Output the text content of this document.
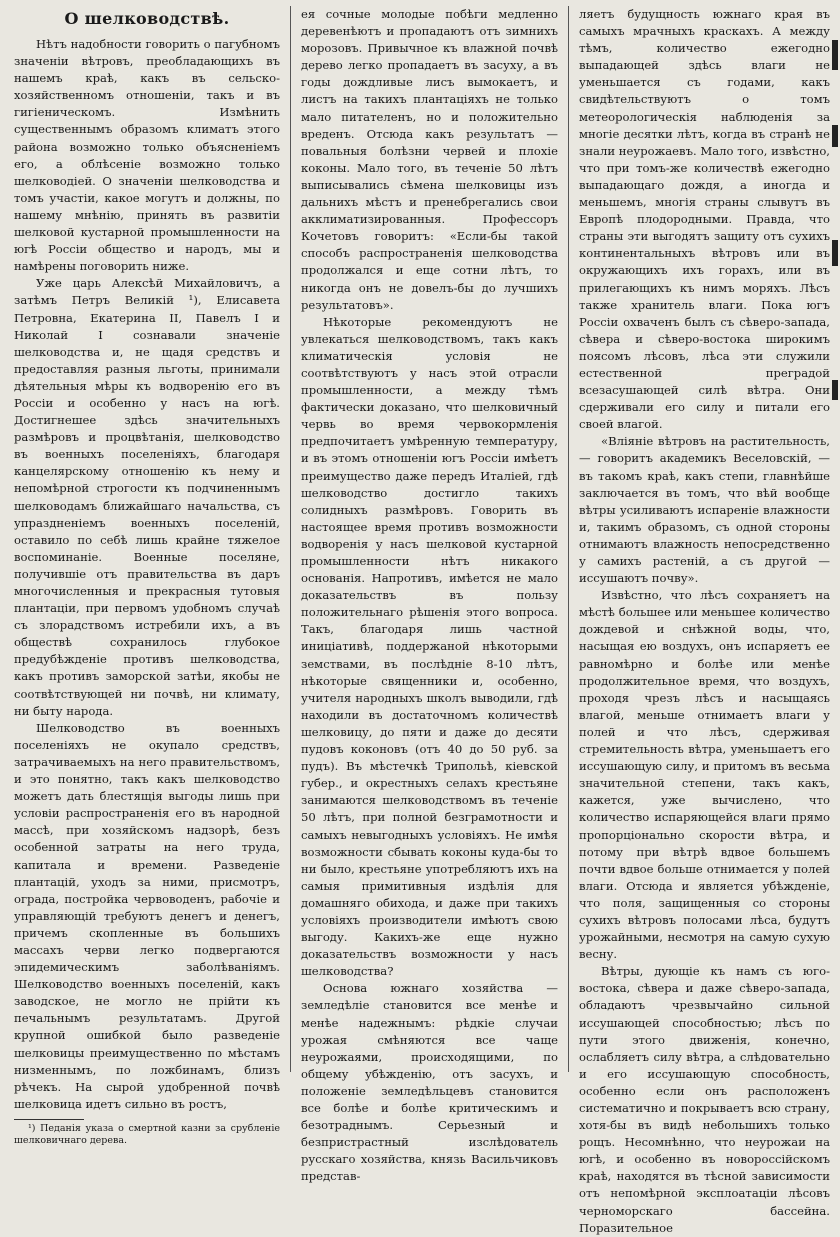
О шелководствѣ.

Нѣтъ надобности говорить о пагубномъ значеніи вѣтровъ, преобладающихъ въ нашемъ краѣ, какъ въ сельско-хозяйственномъ отношеніи, такъ и въ гигіеническомъ. Измѣнить существеннымъ образомъ климатъ этого района возможно только объясненіемъ его, а облѣсеніе возможно только шелководіей. О значеніи шелководства и томъ участіи, какое могутъ и должны, по нашему мнѣнію, принять въ развитіи шелковой кустарной промышленности на югѣ Россіи общество и народъ, мы и намѣрены поговорить ниже.

Уже царь Алексѣй Михайловичъ, а затѣмъ Петръ Великій ¹), Елисавета Петровна, Екатерина II, Павелъ I и Николай I сознавали значеніе шелководства и, не щадя средствъ и предоставляя разныя льготы, принимали дѣятельныя мѣры къ водворенію его въ Россіи и особенно у насъ на югѣ. Достигнешее здѣсь значительныхъ размѣровъ и процвѣтанія, шелководство въ военныхъ поселеніяхъ, благодаря канцелярскому отношенію къ нему и непомѣрной строгости къ подчиненнымъ шелководамъ ближайшаго начальства, съ упраздненіемъ военныхъ поселеній, оставило по себѣ лишь крайне тяжелое воспоминаніе. Военные поселяне, получившіе отъ правительства въ даръ многочисленныя и прекрасныя тутовыя плантаціи, при первомъ удобномъ случаѣ съ злорадствомъ истребили ихъ, а въ обществѣ сохранилось глубокое предубѣжденіе противъ шелководства, какъ противъ заморской затѣи, якобы не соотвѣтствующей ни почвѣ, ни климату, ни быту народа.

Шелководство въ военныхъ поселеніяхъ не окупало средствъ, затрачиваемыхъ на него правительствомъ, и это понятно, такъ какъ шелководство можетъ дать блестящія выгоды лишь при условіи распространенія его въ народной массѣ, при хозяйскомъ надзорѣ, безъ особенной затраты на него труда, капитала и времени. Разведеніе плантацій, уходъ за ними, присмотръ, ограда, постройка червоводенъ, рабочіе и управляющій требуютъ денегъ и денегъ, причемъ скопленные въ большихъ массахъ черви легко подвергаются эпидемическимъ заболѣваніямъ. Шелководство военныхъ поселеній, какъ заводское, не могло не прійти къ печальнымъ результатамъ. Другой крупной ошибкой было разведеніе шелковицы преимущественно по мѣстамъ низменнымъ, по ложбинамъ, близъ рѣчекъ. На сырой удобренной почвѣ шелковица идетъ сильно въ ростъ,

¹) Педанія указа о смертной казни за срубленіе шелковичнаго дерева.

ея сочные молодые побѣги медленно деревенѣютъ и пропадаютъ отъ зимнихъ морозовъ. Привычное къ влажной почвѣ дерево легко пропадаетъ въ засуху, а въ годы дождливые лисъ вымокаетъ, и листъ на такихъ плантаціяхъ не только мало питателенъ, но и положительно вреденъ. Отсюда какъ результатъ — повальныя болѣзни червей и плохіе коконы. Мало того, въ теченіе 50 лѣтъ выписывались сѣмена шелковицы изъ дальнихъ мѣстъ и пренебрегались свои акклиматизированныя. Профессоръ Кочетовъ говоритъ: «Если-бы такой способъ распространенія шелководства продолжался и еще сотни лѣтъ, то никогда онъ не довелъ-бы до лучшихъ результатовъ».

Нѣкоторые рекомендуютъ не увлекаться шелководствомъ, такъ какъ климатическія условія не соотвѣтствуютъ у насъ этой отрасли промышленности, а между тѣмъ фактически доказано, что шелковичный червь во время червокормленія предпочитаетъ умѣренную температуру, и въ этомъ отношеніи югъ Россіи имѣетъ преимущество даже передъ Италіей, гдѣ шелководство достигло такихъ солидныхъ размѣровъ. Говорить въ настоящее время противъ возможности водворенія у насъ шелковой кустарной промышленности нѣтъ никакого основанія. Напротивъ, имѣется не мало доказательствъ въ пользу положительнаго рѣшенія этого вопроса. Такъ, благодаря лишь частной иниціативѣ, поддержаной нѣкоторыми земствами, въ послѣдніе 8-10 лѣтъ, нѣкоторые священники и, особенно, учителя народныхъ школъ выводили, гдѣ находили въ достаточномъ количествѣ шелковицу, до пяти и даже до десяти пудовъ коконовъ (отъ 40 до 50 руб. за пудъ). Въ мѣстечкѣ Трипольѣ, кіевской губер., и окрестныхъ селахъ крестьяне занимаются шелководствомъ въ теченіе 50 лѣтъ, при полной безграмотности и самыхъ невыгодныхъ условіяхъ. Не имѣя возможности сбывать коконы куда-бы то ни было, крестьяне употребляютъ ихъ на самыя примитивныя издѣлія для домашняго обихода, и даже при такихъ условіяхъ производители имѣютъ свою выгоду. Какихъ-же еще нужно доказательствъ возможности у насъ шелководства?

Основа южнаго хозяйства — земледѣліе становится все менѣе и менѣе надежнымъ: рѣдкіе случаи урожая смѣняются все чаще неурожаями, происходящими, по общему убѣжденію, отъ засухъ, и положеніе земледѣльцевъ становится все болѣе и болѣе критическимъ и безотраднымъ. Серьезный и безпристрастный изслѣдователь русскаго хозяйства, князь Васильчиковъ представ-

ляетъ будущность южнаго края въ самыхъ мрачныхъ краскахъ. А между тѣмъ, количество ежегодно выпадающей здѣсь влаги не уменьшается съ годами, какъ свидѣтельствуютъ о томъ метеорологическія наблюденія за многіе десятки лѣтъ, когда въ странѣ не знали неурожаевъ. Мало того, извѣстно, что при томъ-же количествѣ ежегодно выпадающаго дождя, а иногда и меньшемъ, многія страны слывутъ въ Европѣ плодородными. Правда, что страны эти выгодятъ защиту отъ сухихъ континентальныхъ вѣтровъ или въ окружающихъ ихъ горахъ, или въ прилегающихъ къ нимъ моряхъ. Лѣсъ также хранитель влаги. Пока югъ Россіи охваченъ былъ съ сѣверо-запада, сѣвера и сѣверо-востока широкимъ поясомъ лѣсовъ, лѣса эти служили естественной преградой всезасушающей силѣ вѣтра. Они сдерживали его силу и питали его своей влагой.

«Вліяніе вѣтровъ на растительность, — говоритъ академикъ Веселовскій, — въ такомъ краѣ, какъ степи, главнѣйше заключается въ томъ, что вѣй вообще вѣтры усиливаютъ испареніе влажности и, такимъ образомъ, съ одной стороны отнимаютъ влажность непосредственно у самихъ растеній, а съ другой — иссушаютъ почву».

Извѣстно, что лѣсъ сохраняетъ на мѣстѣ большее или меньшее количество дождевой и снѣжной воды, что, насыщая ею воздухъ, онъ испаряетъ ее равномѣрно и болѣе или менѣе продолжительное время, что воздухъ, проходя чрезъ лѣсъ и насыщаясь влагой, меньше отнимаетъ влаги у полей и что лѣсъ, сдерживая стремительность вѣтра, уменьшаетъ его иссушающую силу, и притомъ въ весьма значительной степени, такъ какъ, кажется, уже вычислено, что количество испаряющейся влаги прямо пропорціонально скорости вѣтра, и потому при вѣтрѣ вдвое большемъ почти вдвое больше отнимается у полей влаги. Отсюда и является убѣжденіе, что поля, защищенныя со стороны сухихъ вѣтровъ полосами лѣса, будутъ урожайными, несмотря на самую сухую весну.

Вѣтры, дующіе къ намъ съ юго-востока, сѣвера и даже сѣверо-запада, обладаютъ чрезвычайно сильной иссушающей способностью; лѣсъ по пути этого движенія, конечно, ослабляетъ силу вѣтра, а слѣдовательно и его иссушающую способность, особенно если онъ расположенъ систематично и покрываетъ всю страну, хотя-бы въ видѣ небольшихъ только рощъ. Несомнѣнно, что неурожаи на югѣ, и особенно въ новороссійскомъ краѣ, находятся въ тѣсной зависимости отъ непомѣрной эксплоатаціи лѣсовъ черноморскаго бассейна. Поразительное
